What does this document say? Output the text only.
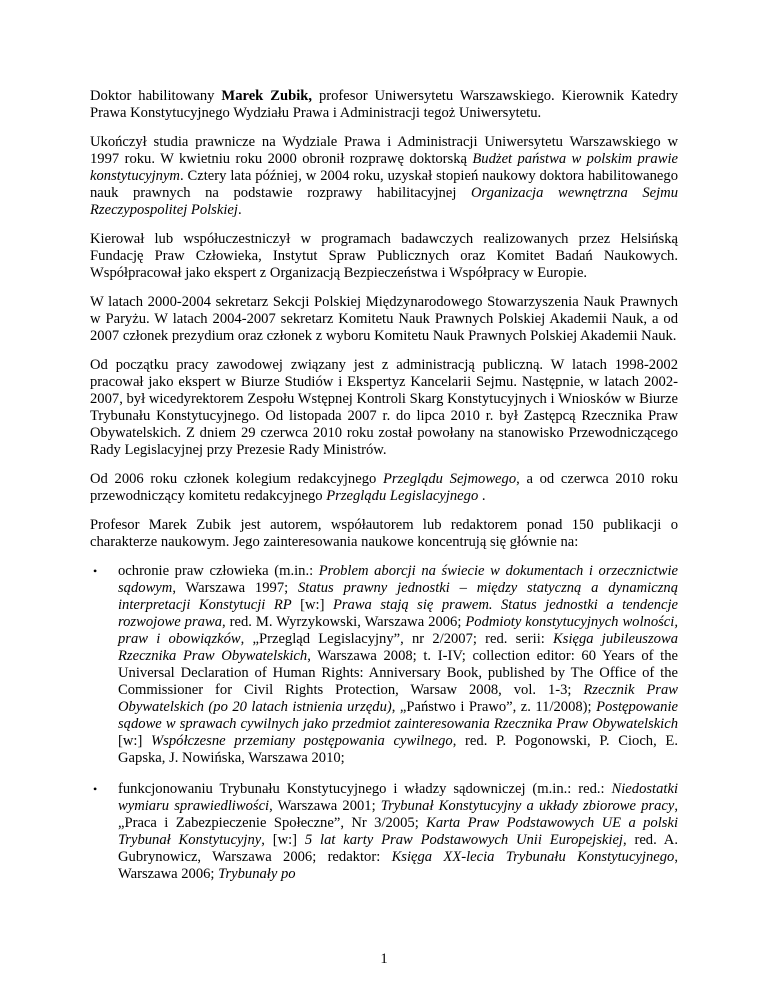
Doktor habilitowany Marek Zubik, profesor Uniwersytetu Warszawskiego. Kierownik Katedry Prawa Konstytucyjnego Wydziału Prawa i Administracji tegoż Uniwersytetu.

Ukończył studia prawnicze na Wydziale Prawa i Administracji Uniwersytetu Warszawskiego w 1997 roku. W kwietniu roku 2000 obronił rozprawę doktorską Budżet państwa w polskim prawie konstytucyjnym. Cztery lata później, w 2004 roku, uzyskał stopień naukowy doktora habilitowanego nauk prawnych na podstawie rozprawy habilitacyjnej Organizacja wewnętrzna Sejmu Rzeczypospolitej Polskiej.

Kierował lub współuczestniczył w programach badawczych realizowanych przez Helsińską Fundację Praw Człowieka, Instytut Spraw Publicznych oraz Komitet Badań Naukowych. Współpracował jako ekspert z Organizacją Bezpieczeństwa i Współpracy w Europie.

W latach 2000-2004 sekretarz Sekcji Polskiej Międzynarodowego Stowarzyszenia Nauk Prawnych w Paryżu. W latach 2004-2007 sekretarz Komitetu Nauk Prawnych Polskiej Akademii Nauk, a od 2007 członek prezydium oraz członek z wyboru Komitetu Nauk Prawnych Polskiej Akademii Nauk.

Od początku pracy zawodowej związany jest z administracją publiczną. W latach 1998-2002 pracował jako ekspert w Biurze Studiów i Ekspertyz Kancelarii Sejmu. Następnie, w latach 2002-2007, był wicedyrektorem Zespołu Wstępnej Kontroli Skarg Konstytucyjnych i Wniosków w Biurze Trybunału Konstytucyjnego. Od listopada 2007 r. do lipca 2010 r. był Zastępcą Rzecznika Praw Obywatelskich. Z dniem 29 czerwca 2010 roku został powołany na stanowisko Przewodniczącego Rady Legislacyjnej przy Prezesie Rady Ministrów.

Od 2006 roku członek kolegium redakcyjnego Przeglądu Sejmowego, a od czerwca 2010 roku przewodniczący komitetu redakcyjnego Przeglądu Legislacyjnego .

Profesor Marek Zubik jest autorem, współautorem lub redaktorem ponad 150 publikacji o charakterze naukowym. Jego zainteresowania naukowe koncentrują się głównie na:

• ochronie praw człowieka (m.in.: Problem aborcji na świecie w dokumentach i orzecznictwie sądowym, Warszawa 1997; Status prawny jednostki – między statyczną a dynamiczną interpretacji Konstytucji RP [w:] Prawa stają się prawem. Status jednostki a tendencje rozwojowe prawa, red. M. Wyrzykowski, Warszawa 2006; Podmioty konstytucyjnych wolności, praw i obowiązków, „Przegląd Legislacyjny”, nr 2/2007; red. serii: Księga jubileuszowa Rzecznika Praw Obywatelskich, Warszawa 2008; t. I-IV; collection editor: 60 Years of the Universal Declaration of Human Rights: Anniversary Book, published by The Office of the Commissioner for Civil Rights Protection, Warsaw 2008, vol. 1-3; Rzecznik Praw Obywatelskich (po 20 latach istnienia urzędu), „Państwo i Prawo”, z. 11/2008); Postępowanie sądowe w sprawach cywilnych jako przedmiot zainteresowania Rzecznika Praw Obywatelskich [w:] Współczesne przemiany postępowania cywilnego, red. P. Pogonowski, P. Cioch, E. Gapska, J. Nowińska, Warszawa 2010;
• funkcjonowaniu Trybunału Konstytucyjnego i władzy sądowniczej (m.in.: red.: Niedostatki wymiaru sprawiedliwości, Warszawa 2001; Trybunał Konstytucyjny a układy zbiorowe pracy, „Praca i Zabezpieczenie Społeczne”, Nr 3/2005; Karta Praw Podstawowych UE a polski Trybunał Konstytucyjny, [w:] 5 lat karty Praw Podstawowych Unii Europejskiej, red. A. Gubrynowicz, Warszawa 2006; redaktor: Księga XX-lecia Trybunału Konstytucyjnego, Warszawa 2006; Trybunały po
1
